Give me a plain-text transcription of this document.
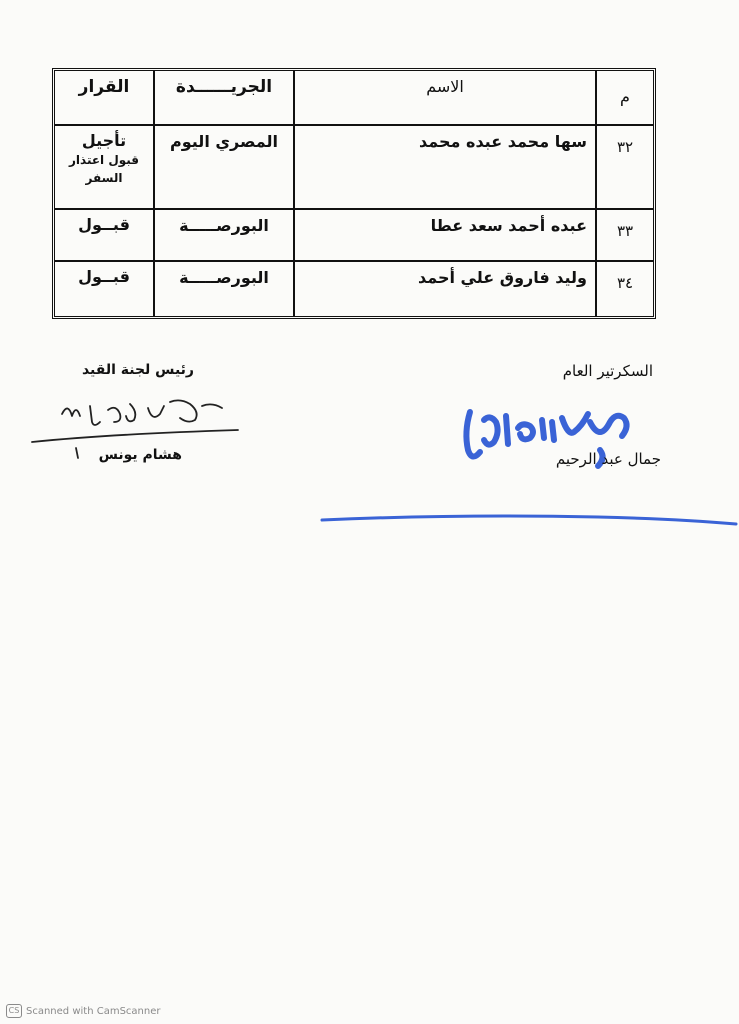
م	الاسم	الجريــــــدة	القرار
٣٢	سها محمد عبده محمد	المصري اليوم	تأجيل
قبول اعتذار
السفر

٣٣	عبده أحمد سعد عطا	البورصـــــة	قبــول
٣٤	وليد فاروق علي أحمد	البورصـــــة	قبــول
السكرتير العام
جمال عبد الرحيم
رئيس لجنة القيد
هشام يونس
CS Scanned with CamScanner
